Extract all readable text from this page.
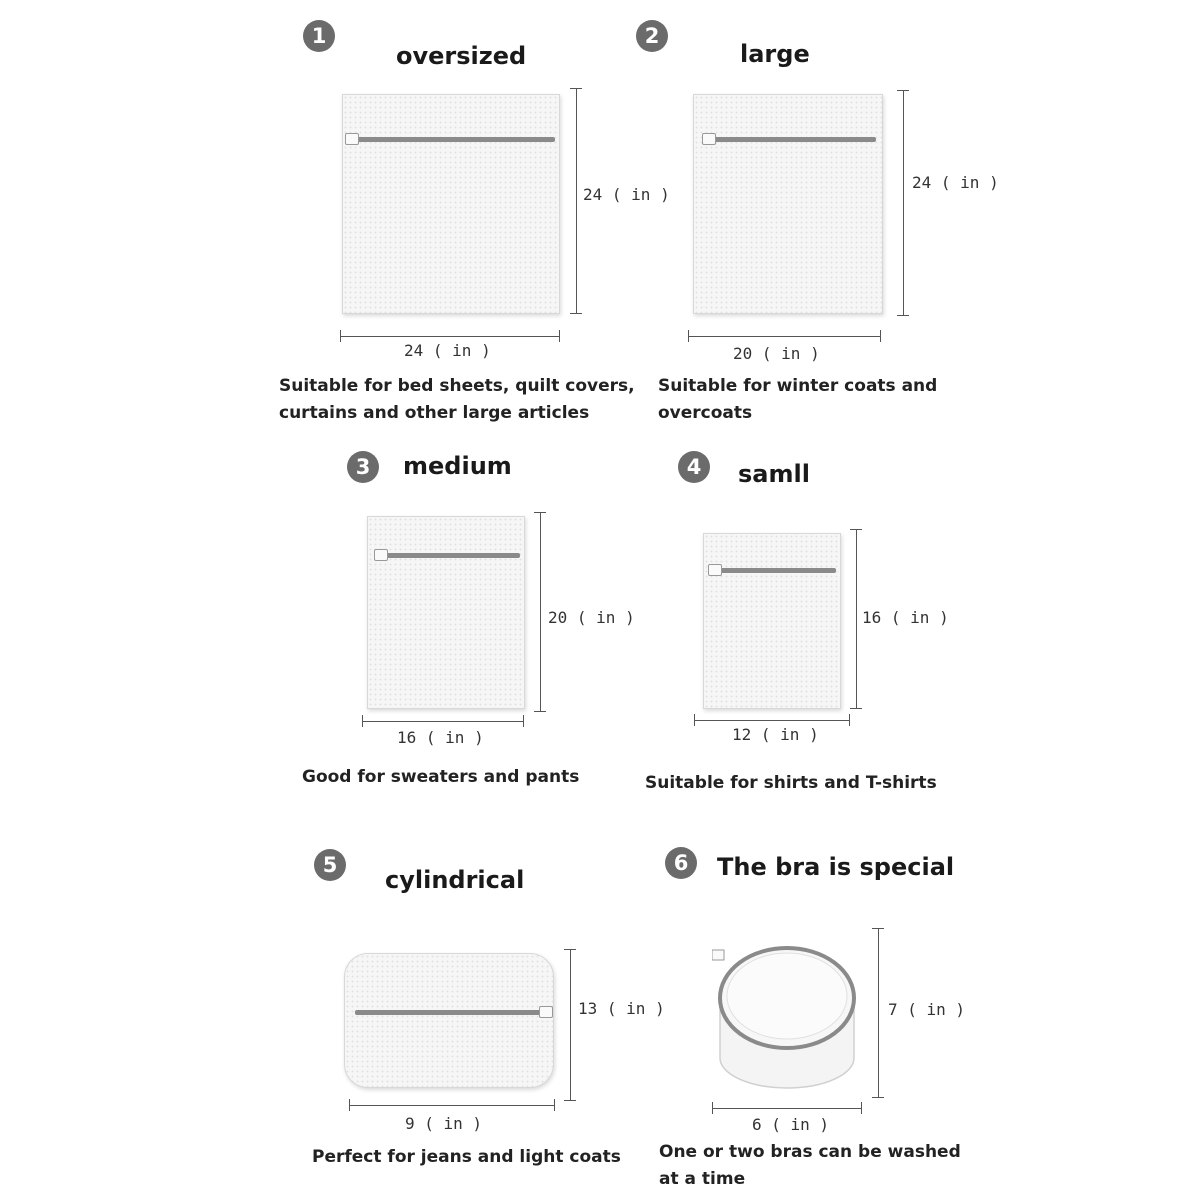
1
oversized
24 ( in )
24 ( in )
Suitable for bed sheets, quilt covers,
curtains and other large articles
2
large
24 ( in )
20 ( in )
Suitable for winter coats and
overcoats
3	medium
20 ( in )
16 ( in )
Good for sweaters and pants
4	samll
16 ( in )
12 ( in )
Suitable for shirts and T-shirts
5
cylindrical
13 ( in )
9 ( in )
Perfect for jeans and light coats
6	The bra is special
7 ( in )
6 ( in )
One or two bras can be washed
at a time
